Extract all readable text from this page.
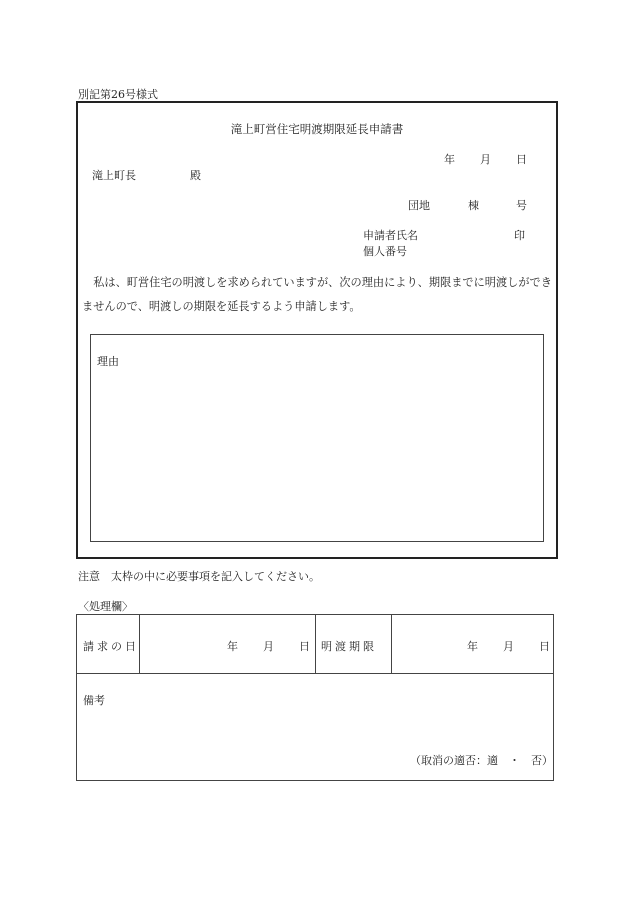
別記第26号様式
滝上町営住宅明渡期限延長申請書
年 月 日
滝上町長	殿
団地	棟	号
申請者氏名	印
個人番号
私は、町営住宅の明渡しを求められていますが、次の理由により、期限までに明渡しができませんので、明渡しの期限を延長するよう申請します。
理由
注意　太枠の中に必要事項を記入してください。
〈処理欄〉
請求の日	年 月 日 明渡期限	年 月 日
備考
（取消の適否：適　・　否）
